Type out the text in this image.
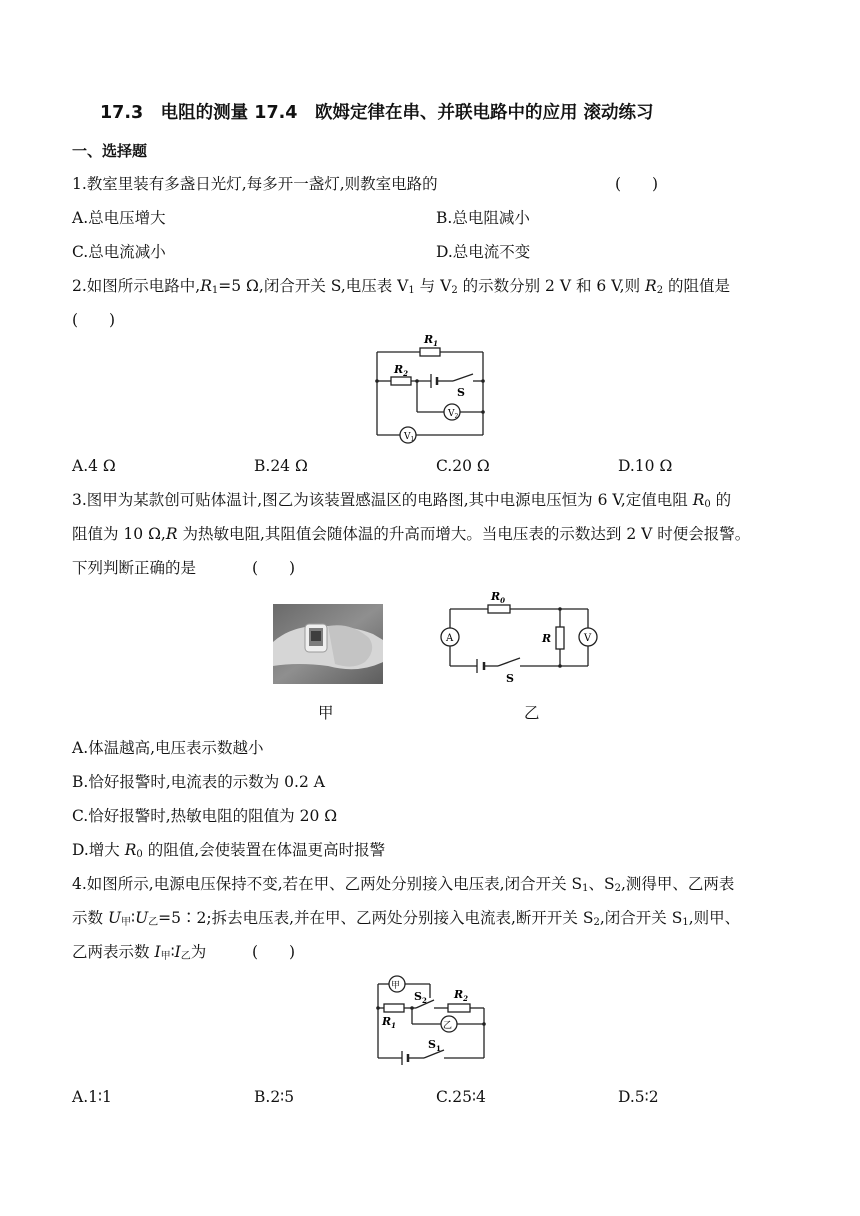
17.3　电阻的测量 17.4　欧姆定律在串、并联电路中的应用 滚动练习
一、选择题
1.教室里装有多盏日光灯,每多开一盏灯,则教室电路的	(　　)
A.总电压增大	B.总电阻减小
C.总电流减小	D.总电流不变
2.如图所示电路中$,R_1=5$ Ω,闭合开关 S,电压表 $V_1$ 与 $V_2$ 的示数分别 2 V 和 6 V,则 $R_2$ 的阻值是
(　　)
$R_1$
$R_2$
S
$V_1$
$V_2$
A.4 Ω	B.24 Ω	C.20 Ω	D.10 Ω
3.图甲为某款创可贴体温计,图乙为该装置感温区的电路图,其中电源电压恒为 6 V,定值电阻 $R_0$ 的
阻值为 10 Ω,R 为热敏电阻,其阻值会随体温的升高而增大。当电压表的示数达到 2 V 时便会报警。
下列判断正确的是	(　　)
甲
$R_0$
R
A	V
S
乙
A.体温越高,电压表示数越小
B.恰好报警时,电流表的示数为 0.2 A
C.恰好报警时,热敏电阻的阻值为 20 Ω
D.增大 $R_0$ 的阻值,会使装置在体温更高时报警
4.如图所示,电源电压保持不变,若在甲、乙两处分别接入电压表,闭合开关 $S_1$、$S_2$,测得甲、乙两表
示数 $U_甲∶U_乙=5∶2$;拆去电压表,并在甲、乙两处分别接入电流表,断开开关 $S_2$,闭合开关 $S_1$,则甲、
乙两表示数 $I_甲∶I_乙$为	(　　)
甲
乙
$R_1$
$R_2$
$S_2$
$S_1$
A.1∶1	B.2∶5	C.25∶4	D.5∶2
